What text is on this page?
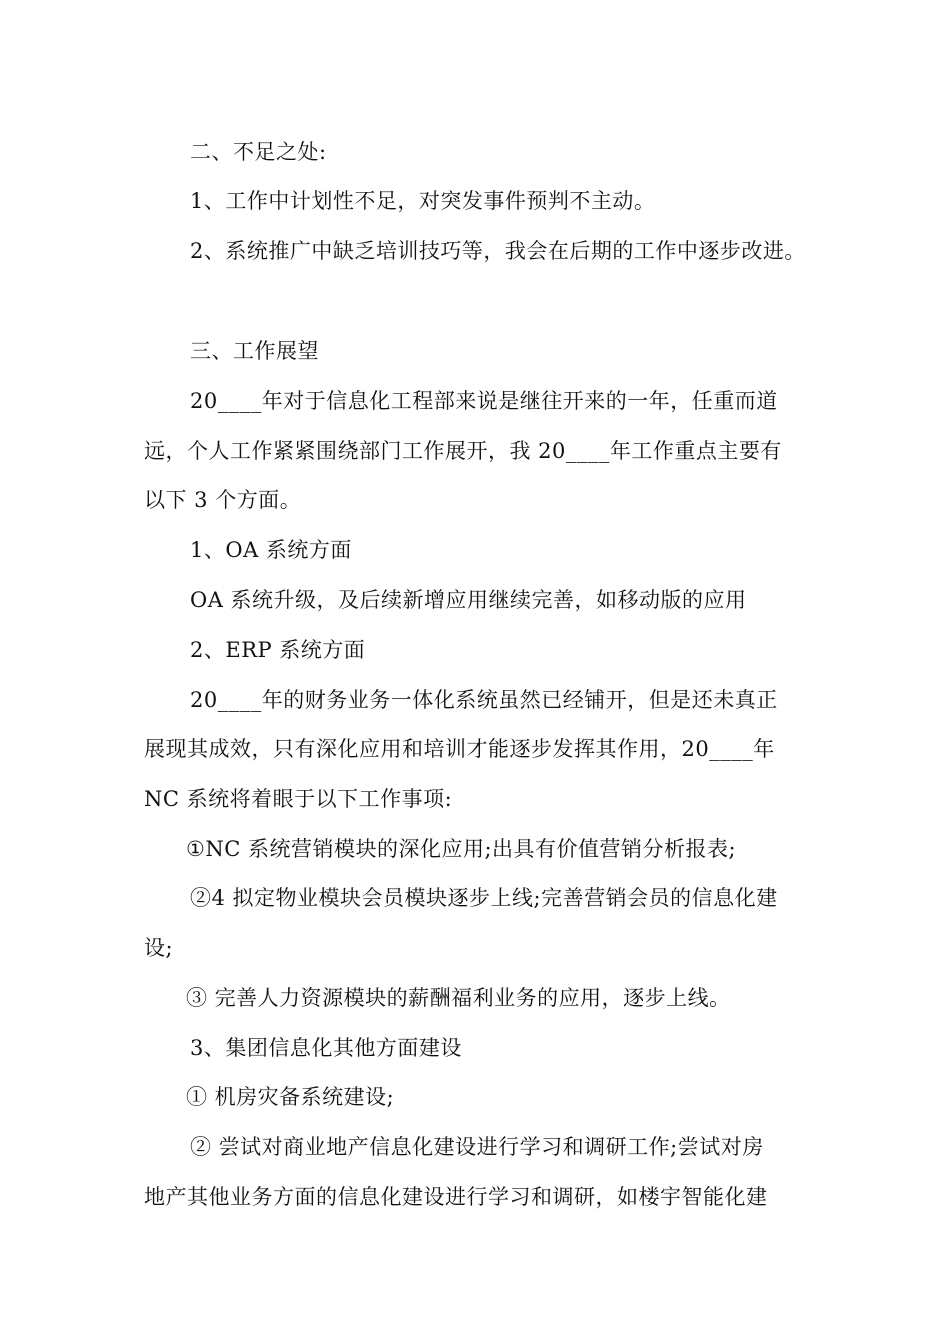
二、不足之处:
1、工作中计划性不足，对突发事件预判不主动。
2、系统推广中缺乏培训技巧等，我会在后期的工作中逐步改进。
三、工作展望
20____年对于信息化工程部来说是继往开来的一年，任重而道
远，个人工作紧紧围绕部门工作展开，我 20____年工作重点主要有
以下 3 个方面。
1、OA 系统方面
OA 系统升级，及后续新增应用继续完善，如移动版的应用
2、ERP 系统方面
20____年的财务业务一体化系统虽然已经铺开，但是还未真正
展现其成效，只有深化应用和培训才能逐步发挥其作用，20____年
NC 系统将着眼于以下工作事项:
①NC 系统营销模块的深化应用;出具有价值营销分析报表;
②4 拟定物业模块会员模块逐步上线;完善营销会员的信息化建
设;
③ 完善人力资源模块的薪酬福利业务的应用，逐步上线。
3、集团信息化其他方面建设
① 机房灾备系统建设;
② 尝试对商业地产信息化建设进行学习和调研工作;尝试对房
地产其他业务方面的信息化建设进行学习和调研，如楼宇智能化建
